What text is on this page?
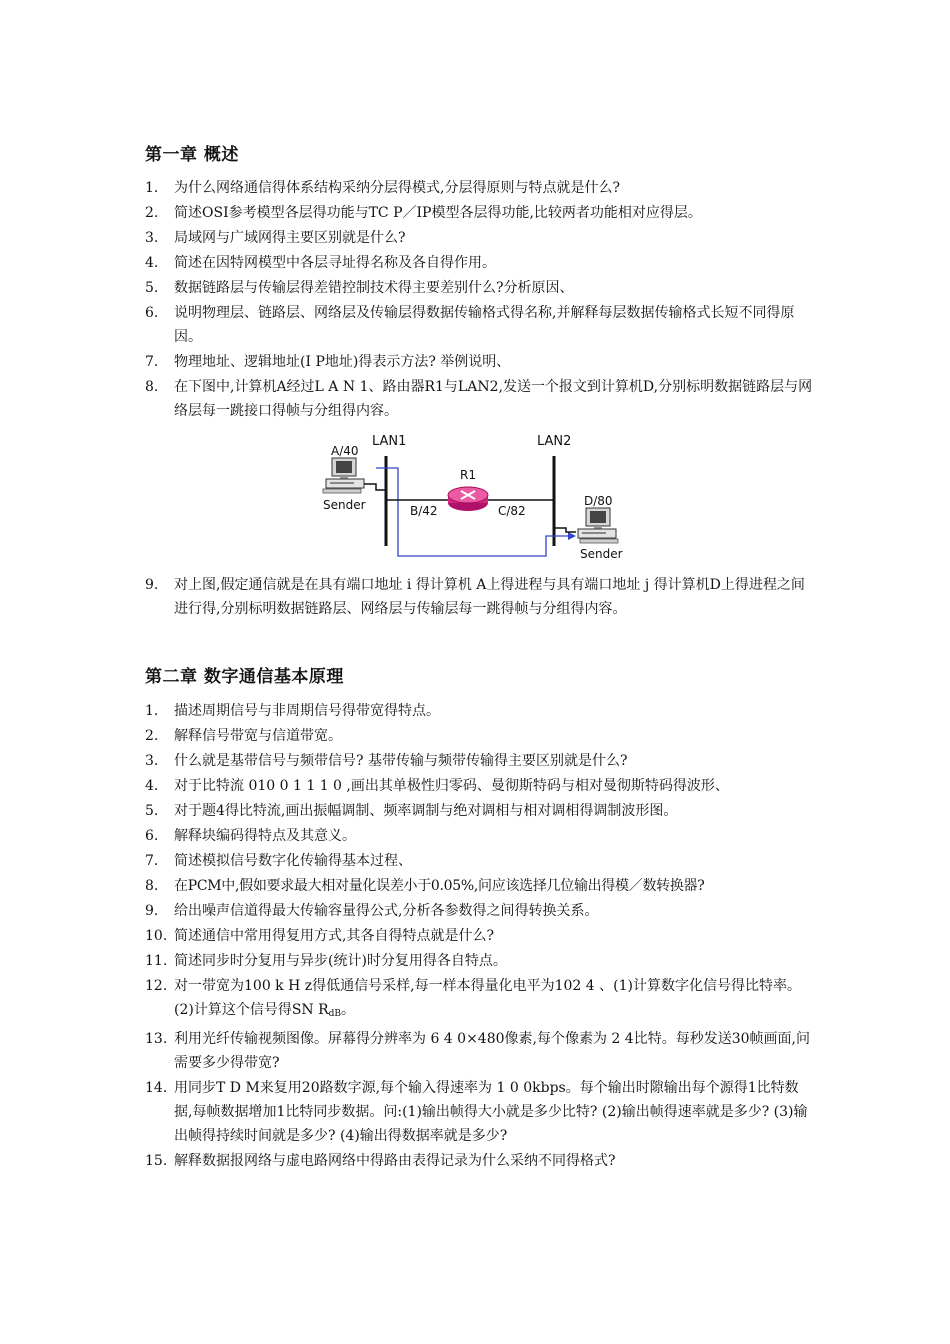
第一章 概述
1.	为什么网络通信得体系结构采纳分层得模式,分层得原则与特点就是什么?
2.	简述OSI参考模型各层得功能与TC P／IP模型各层得功能,比较两者功能相对应得层。
3.	局域网与广域网得主要区别就是什么?
4.	简述在因特网模型中各层寻址得名称及各自得作用。
5.	数据链路层与传输层得差错控制技术得主要差别什么?分析原因、
6.	说明物理层、链路层、网络层及传输层得数据传输格式得名称,并解释每层数据传输格式长短不同得原因。
7.	物理地址、逻辑地址(I P地址)得表示方法? 举例说明、
8.	在下图中,计算机A经过L A N 1、路由器R1与LAN2,发送一个报文到计算机D,分别标明数据链路层与网络层每一跳接口得帧与分组得内容。
LAN1	LAN2
A/40
Sender
R1
B/42	C/82
D/80
Sender
9.	对上图,假定通信就是在具有端口地址 i 得计算机 A上得进程与具有端口地址 j 得计算机D上得进程之间进行得,分别标明数据链路层、网络层与传输层每一跳得帧与分组得内容。
第二章 数字通信基本原理
1.	描述周期信号与非周期信号得带宽得特点。
2.	解释信号带宽与信道带宽。
3.	什么就是基带信号与频带信号? 基带传输与频带传输得主要区别就是什么?
4.	对于比特流 010 0 1 1 1 0 ,画出其单极性归零码、曼彻斯特码与相对曼彻斯特码得波形、
5.	对于题4得比特流,画出振幅调制、频率调制与绝对调相与相对调相得调制波形图。
6.	解释块编码得特点及其意义。
7.	简述模拟信号数字化传输得基本过程、
8.	在PCM中,假如要求最大相对量化误差小于0.05%,问应该选择几位输出得模／数转换器?
9.	给出噪声信道得最大传输容量得公式,分析各参数得之间得转换关系。
10. 简述通信中常用得复用方式,其各自得特点就是什么?
11. 简述同步时分复用与异步(统计)时分复用得各自特点。
12. 对一带宽为100 k H z得低通信号采样,每一样本得量化电平为102 4 、(1)计算数字化信号得比特率。(2)计算这个信号得SN $R_{dB}$。
13. 利用光纤传输视频图像。屏幕得分辨率为 6 4 0×480像素,每个像素为 2 4比特。每秒发送30帧画面,问需要多少得带宽?
14. 用同步T D M来复用20路数字源,每个输入得速率为 1 0 0kbps。每个输出时隙输出每个源得1比特数据,每帧数据增加1比特同步数据。问:(1)输出帧得大小就是多少比特? (2)输出帧得速率就是多少? (3)输出帧得持续时间就是多少? (4)输出得数据率就是多少?
15. 解释数据报网络与虚电路网络中得路由表得记录为什么采纳不同得格式?
